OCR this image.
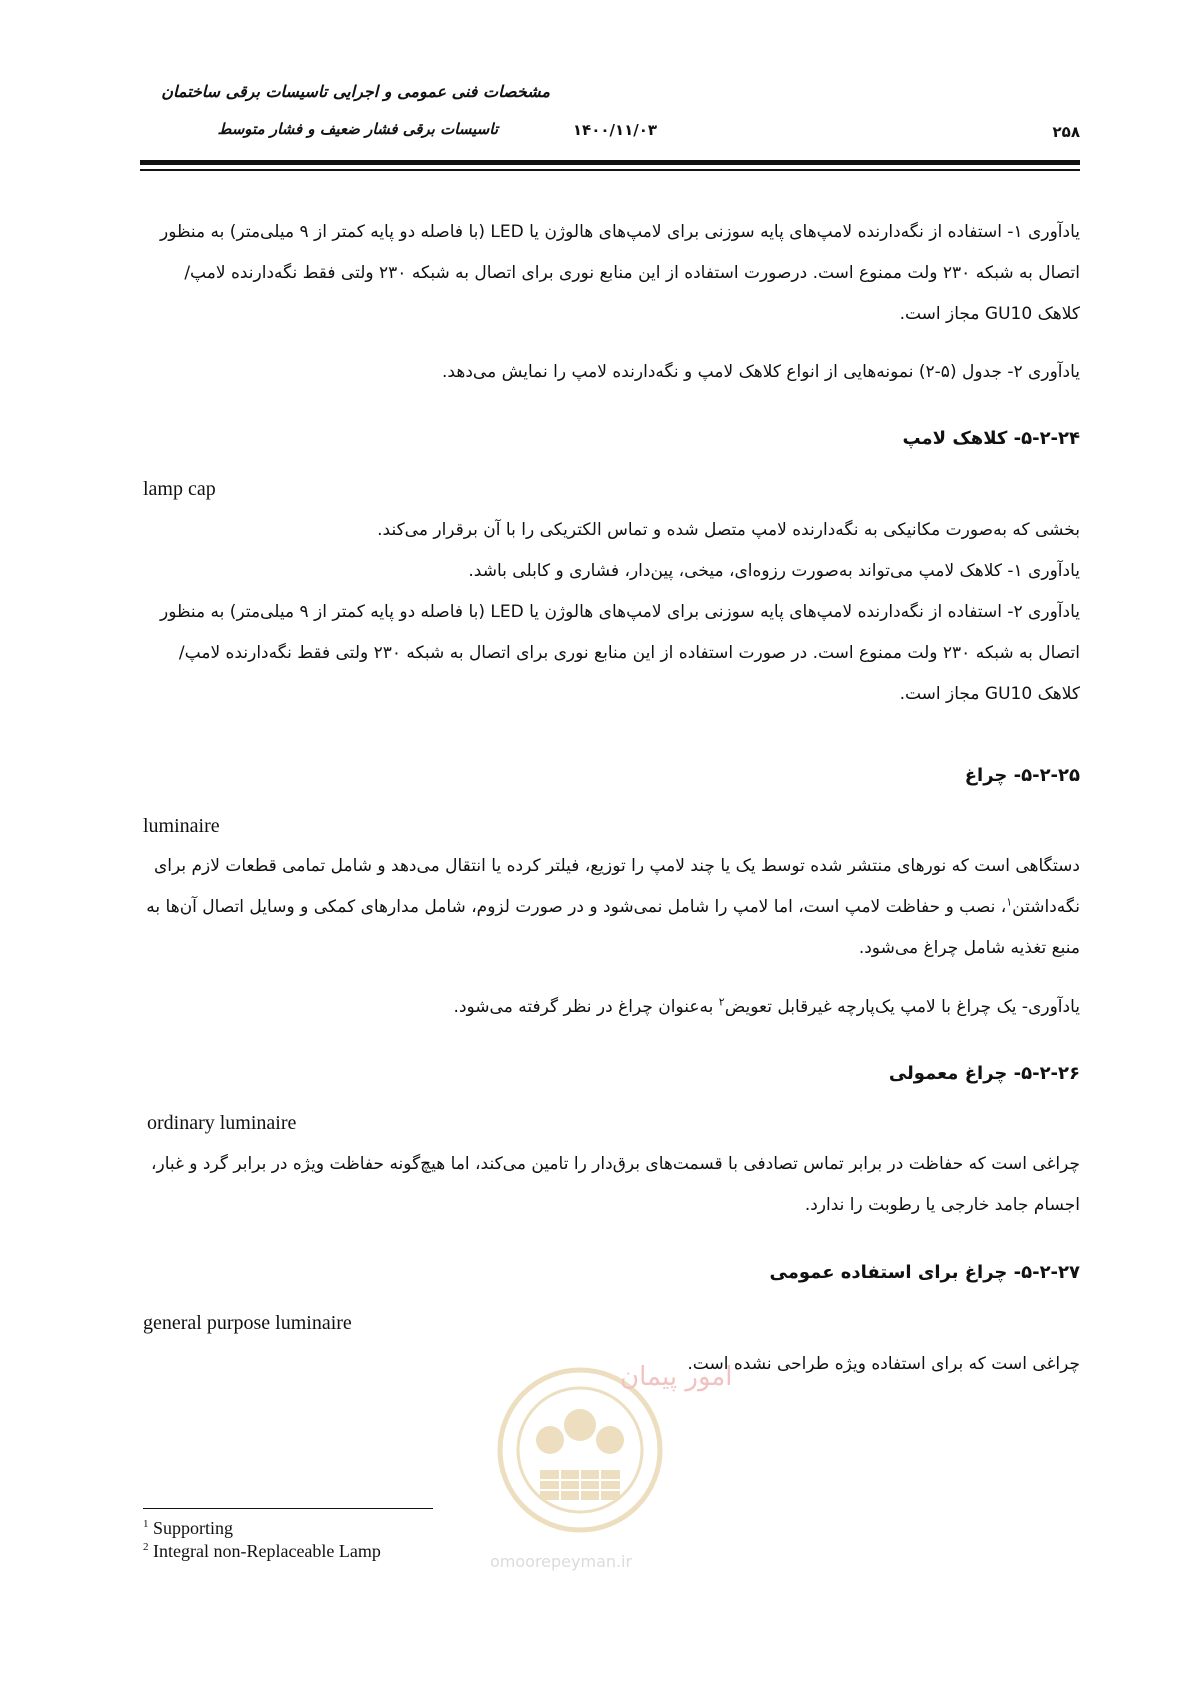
مشخصات فنی عمومی و اجرایی تاسیسات برقی ساختمان
تاسیسات برقی فشار ضعیف و فشار متوسط	۱۴۰۰/۱۱/۰۳	۲۵۸

یادآوری ۱- استفاده از نگه‌دارنده لامپ‌های پایه سوزنی برای لامپ‌های هالوژن یا LED (با فاصله دو پایه کمتر از ۹ میلی‌متر) به منظور اتصال به شبکه ۲۳۰ ولت ممنوع است. درصورت استفاده از این منابع نوری برای اتصال به شبکه ۲۳۰ ولتی فقط نگه‌دارنده لامپ/کلاهک GU10 مجاز است.

یادآوری ۲- جدول (۵-۲) نمونه‌هایی از انواع کلاهک لامپ و نگه‌دارنده لامپ را نمایش می‌دهد.

۵-۲-۲۴- کلاهک لامپ

lamp cap

بخشی که به‌صورت مکانیکی به نگه‌دارنده لامپ متصل شده و تماس الکتریکی را با آن برقرار می‌کند.

یادآوری ۱- کلاهک لامپ می‌تواند به‌صورت رزوه‌ای، میخی، پین‌دار، فشاری و کابلی باشد.

یادآوری ۲- استفاده از نگه‌دارنده لامپ‌های پایه سوزنی برای لامپ‌های هالوژن یا LED (با فاصله دو پایه کمتر از ۹ میلی‌متر) به منظور اتصال به شبکه ۲۳۰ ولت ممنوع است. در صورت استفاده از این منابع نوری برای اتصال به شبکه ۲۳۰ ولتی فقط نگه‌دارنده لامپ/کلاهک GU10 مجاز است.

۵-۲-۲۵- چراغ

luminaire

دستگاهی است که نورهای منتشر شده توسط یک یا چند لامپ را توزیع، فیلتر کرده یا انتقال می‌دهد و شامل تمامی قطعات لازم برای نگه‌داشتن$^۱$، نصب و حفاظت لامپ است، اما لامپ را شامل نمی‌شود و در صورت لزوم، شامل مدارهای کمکی و وسایل اتصال آن‌ها به منبع تغذیه شامل چراغ می‌شود.

یادآوری- یک چراغ با لامپ یک‌پارچه غیرقابل تعویض$^۲$ به‌عنوان چراغ در نظر گرفته می‌شود.

۵-۲-۲۶- چراغ معمولی

ordinary luminaire

چراغی است که حفاظت در برابر تماس تصادفی با قسمت‌های برق‌دار را تامین می‌کند، اما هیچ‌گونه حفاظت ویژه در برابر گرد و غبار، اجسام جامد خارجی یا رطوبت را ندارد.

۵-۲-۲۷- چراغ برای استفاده عمومی

general purpose luminaire

چراغی است که برای استفاده ویژه طراحی نشده است.

امور پیمان
omoorepeyman.ir

$^1$ Supporting

$^2$ Integral non-Replaceable Lamp
